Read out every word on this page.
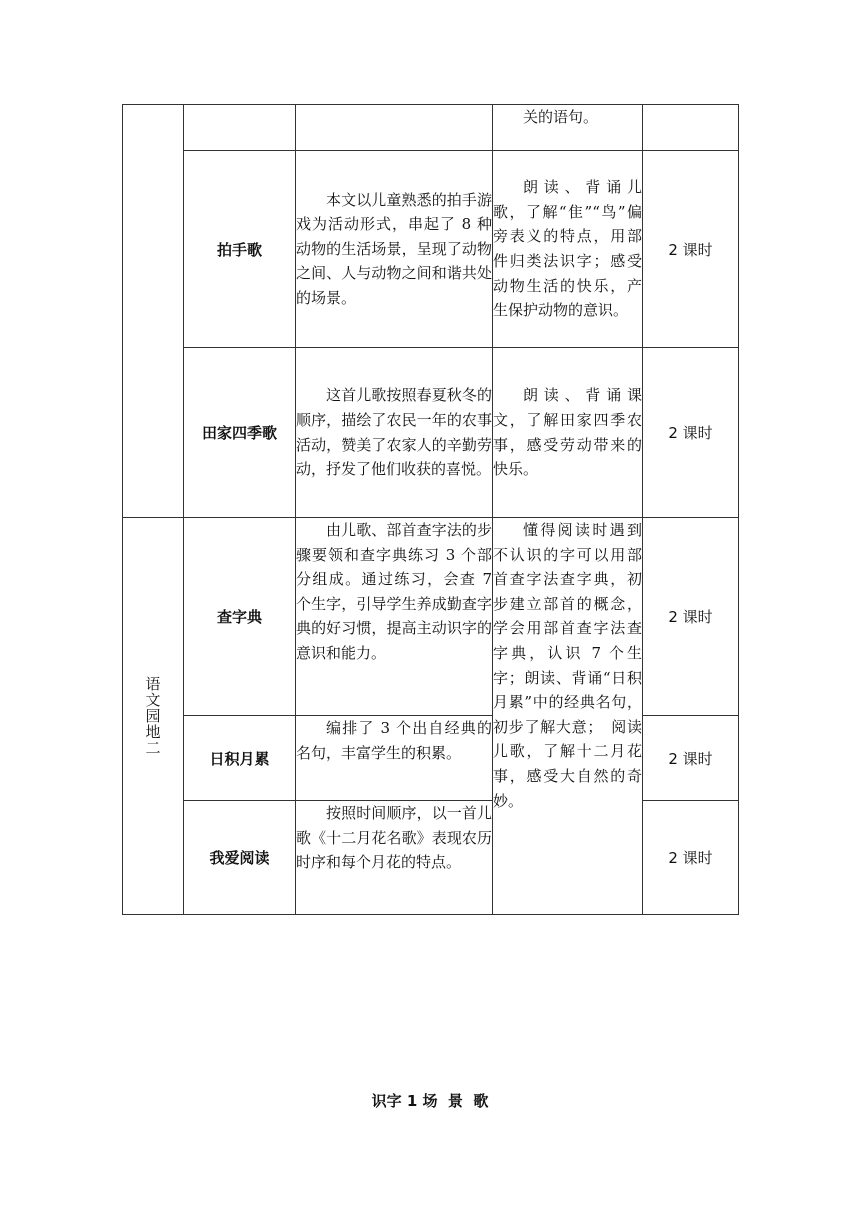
			关的语句。	
	拍手歌	本文以儿童熟悉的拍手游戏为活动形式，串起了 8 种动物的生活场景，呈现了动物之间、人与动物之间和谐共处的场景。	朗读、背诵儿歌，了解“隹”“鸟”偏旁表义的特点，用部件归类法识字；感受动物生活的快乐，产生保护动物的意识。	2 课时
	田家四季歌	这首儿歌按照春夏秋冬的顺序，描绘了农民一年的农事活动，赞美了农家人的辛勤劳动，抒发了他们收获的喜悦。	朗读、背诵课文，了解田家四季农事，感受劳动带来的快乐。	2 课时

语文园地二	查字典	由儿歌、部首查字法的步骤要领和查字典练习 3 个部分组成。通过练习，会查 7 个生字，引导学生养成勤查字典的好习惯，提高主动识字的意识和能力。	懂得阅读时遇到不认识的字可以用部首查字法查字典，初步建立部首的概念，学会用部首查字法查字典，认识 7 个生字；朗读、背诵“日积月累”中的经典名句，初步了解大意；　阅读儿歌，了解十二月花事，感受大自然的奇妙。	2 课时
	日积月累	编排了 3 个出自经典的名句，丰富学生的积累。		2 课时
	我爱阅读	按照时间顺序，以一首儿歌《十二月花名歌》表现农历时序和每个月花的特点。		2 课时
识字 1 场  景  歌
